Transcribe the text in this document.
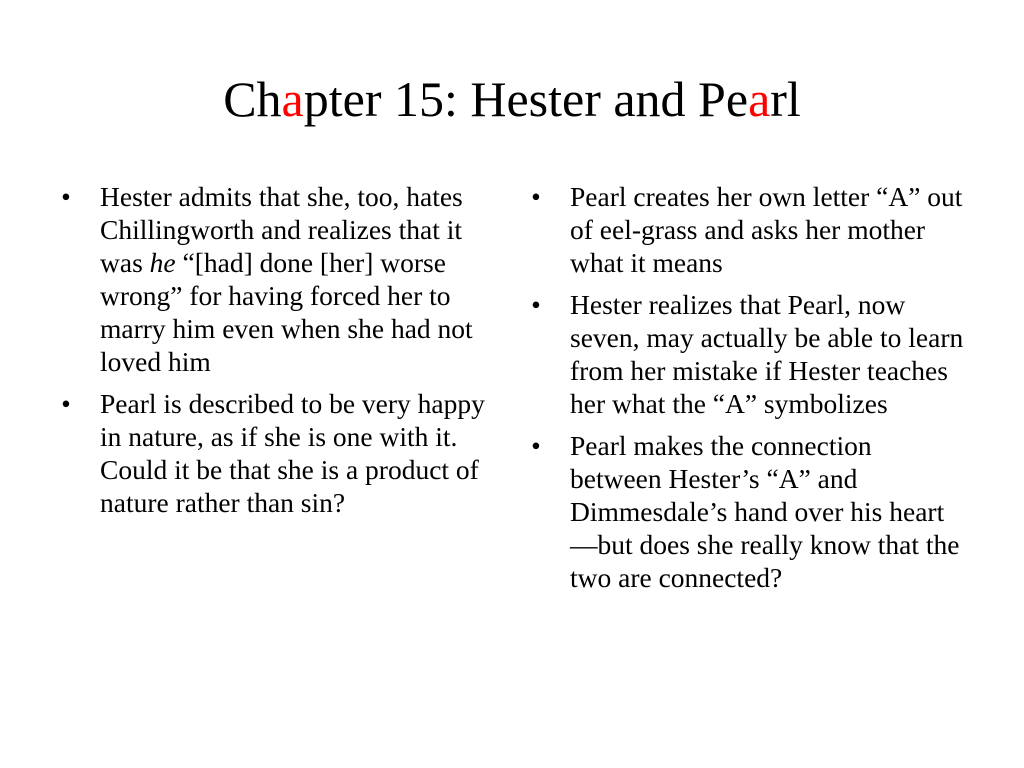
Chapter 15: Hester and Pearl
• Hester admits that she, too, hates Chillingworth and realizes that it was he “[had] done [her] worse wrong” for having forced her to marry him even when she had not loved him
• Pearl is described to be very happy in nature, as if she is one with it. Could it be that she is a product of nature rather than sin?
• Pearl creates her own letter “A” out of eel-grass and asks her mother what it means
• Hester realizes that Pearl, now seven, may actually be able to learn from her mistake if Hester teaches her what the “A” symbolizes
• Pearl makes the connection between Hester’s “A” and Dimmesdale’s hand over his heart—but does she really know that the two are connected?
